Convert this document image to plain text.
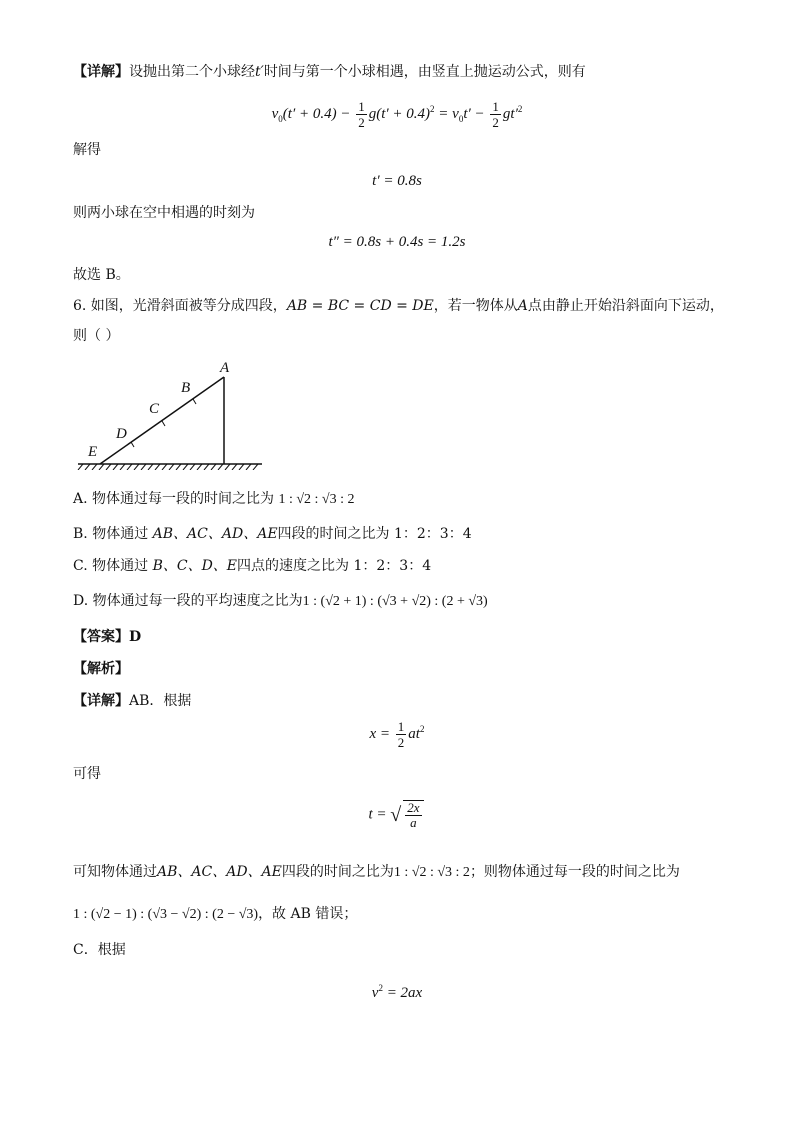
【详解】设抛出第二个小球经t′时间与第一个小球相遇，由竖直上抛运动公式，则有
$v_0(t' + 0.4) - \frac{1}{2} g(t' + 0.4)^2 = v_0t' - \frac{1}{2} gt'^2$
解得
t′ = 0.8s
则两小球在空中相遇的时刻为
t″ = 0.8s + 0.4s = 1.2s
故选 B。
6. 如图，光滑斜面被等分成四段，AB = BC = CD = DE，若一物体从A点由静止开始沿斜面向下运动，
则（ ）
A
B
C
D
E
A. 物体通过每一段的时间之比为 1 : √2 : √3 : 2
B. 物体通过 AB、AC、AD、AE四段的时间之比为 1：2：3：4
C. 物体通过 B、C、D、E四点的速度之比为 1：2：3：4
D. 物体通过每一段的平均速度之比为1 : (√2 + 1) : (√3 + √2) : (2 + √3)
【答案】D
【解析】
【详解】AB．根据
$x = \frac{1}{2} at^2$
可得
t = √ $\frac{2x}{a}$
可知物体通过AB、AC、AD、AE四段的时间之比为1 : √2 : √3 : 2；则物体通过每一段的时间之比为
1 : (√2 − 1) : (√3 − √2) : (2 − √3)，故 AB 错误；
C．根据
$v^2 = 2ax$
